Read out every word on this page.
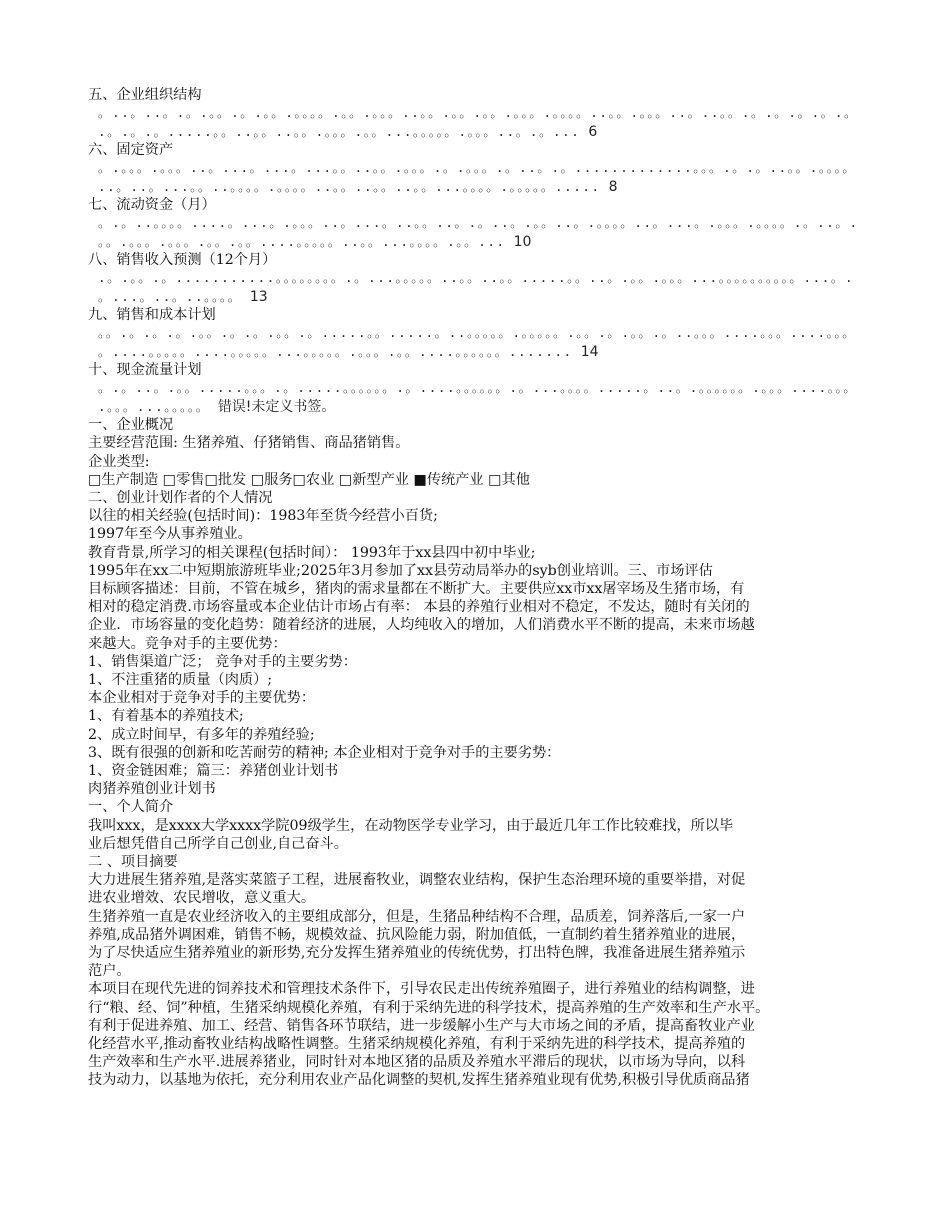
五、企业组织结构
。..。..。.。.。。.。.。。.。。。。.。。.。。。..。。.。。.。。.。。。.。。。。..。。.。。。..。..。。.。.。.。.。.。.。.。.。.....。。..。。..。。.。。。.。。...。。。。。.。。。..。.。... 6
六、固定资产
。.。。。.。。。..。...。...。...。。..。。.。。。.。.。。。.。..。.。.............。。。.。.。..。。.。。。。..。..。...。。..。。。。.。。。。..。。..。。..。。...。。。。.。。。。。..... 8
七、流动资金（月）
。.。..。。。。....。...。.。。。..。...。..。。..。.。..。.。。..。.。。。。..。...。.。。。.。。。。.。..。.。。.。。。.。。。.。。.。。....。。。。。..。。...。。。。.。。... 10
八、销售收入预测（12个月）
.。.。。.。...........。。。。。。。。.。...。。。。。..。。..。。.....。。..。.。。.。。。...。。。。。。。。。。...。.。...。..。..。。。。 13
九、销售和成本计划
。。.。.。.。.。。.。.。.。。.。.....。。.....。..。。。。。.。。。。。.。。.。.。。.。..。。。....。。。....。。。。....。。。。。....。。。。。...。。。。。.。。。.。。....。。。。。。....... 14
十、现金流量计划
。.。..。.。。.....。。。.。.....。。。。。。.。....。。。。。。.。...。。。。.....。..。.。。。。。。.。。。....。。。.。。。...。。。。。 错误!未定义书签。

一、企业概况

主要经营范围: 生猪养殖、仔猪销售、商品猪销售。

企业类型:

□生产制造 □零售□批发 □服务□农业 □新型产业 ■传统产业 □其他

二、创业计划作者的个人情况

以往的相关经验(包括时间)：1983年至货今经营小百货;

1997年至今从事养殖业。

教育背景,所学习的相关课程(包括时间）： 1993年于xx县四中初中毕业;

1995年在xx二中短期旅游班毕业;2025年3月参加了xx县劳动局举办的syb创业培训。三、市场评估

目标顾客描述：目前，不管在城乡，猪肉的需求量都在不断扩大。主要供应xx市xx屠宰场及生猪市场，有

相对的稳定消费.市场容量或本企业估计市场占有率： 本县的养殖行业相对不稳定，不发达，随时有关闭的

企业．市场容量的变化趋势：随着经济的进展，人均纯收入的增加，人们消费水平不断的提高，未来市场越

来越大。竞争对手的主要优势：

1、销售渠道广泛； 竞争对手的主要劣势：

1、不注重猪的质量（肉质）;

本企业相对于竞争对手的主要优势：

1、有着基本的养殖技术;

2、成立时间早，有多年的养殖经验;

3、既有很强的创新和吃苦耐劳的精神; 本企业相对于竞争对手的主要劣势：

1、资金链困难；篇三：养猪创业计划书

肉猪养殖创业计划书

一、个人简介

我叫xxx，是xxxx大学xxxx学院09级学生，在动物医学专业学习，由于最近几年工作比较难找，所以毕

业后想凭借自己所学自己创业,自己奋斗。

二 、项目摘要

大力进展生猪养殖,是落实菜篮子工程，进展畜牧业，调整农业结构，保护生态治理环境的重要举措，对促

进农业增效、农民增收，意义重大。

生猪养殖一直是农业经济收入的主要组成部分，但是，生猪品种结构不合理，品质差，饲养落后,一家一户

养殖,成品猪外调困难，销售不畅，规模效益、抗风险能力弱，附加值低，一直制约着生猪养殖业的进展，

为了尽快适应生猪养殖业的新形势,充分发挥生猪养殖业的传统优势，打出特色牌，我准备进展生猪养殖示

范户。

本项目在现代先进的饲养技术和管理技术条件下，引导农民走出传统养殖圈子，进行养殖业的结构调整，进

行“粮、经、饲”种植，生猪采纳规模化养殖，有利于采纳先进的科学技术，提高养殖的生产效率和生产水平。

有利于促进养殖、加工、经营、销售各环节联结，进一步缓解小生产与大市场之间的矛盾，提高畜牧业产业

化经营水平,推动畜牧业结构战略性调整。生猪采纳规模化养殖，有利于采纳先进的科学技术，提高养殖的

生产效率和生产水平.进展养猪业，同时针对本地区猪的品质及养殖水平滞后的现状，以市场为导向，以科

技为动力，以基地为依托，充分利用农业产品化调整的契机,发挥生猪养殖业现有优势,积极引导优质商品猪
